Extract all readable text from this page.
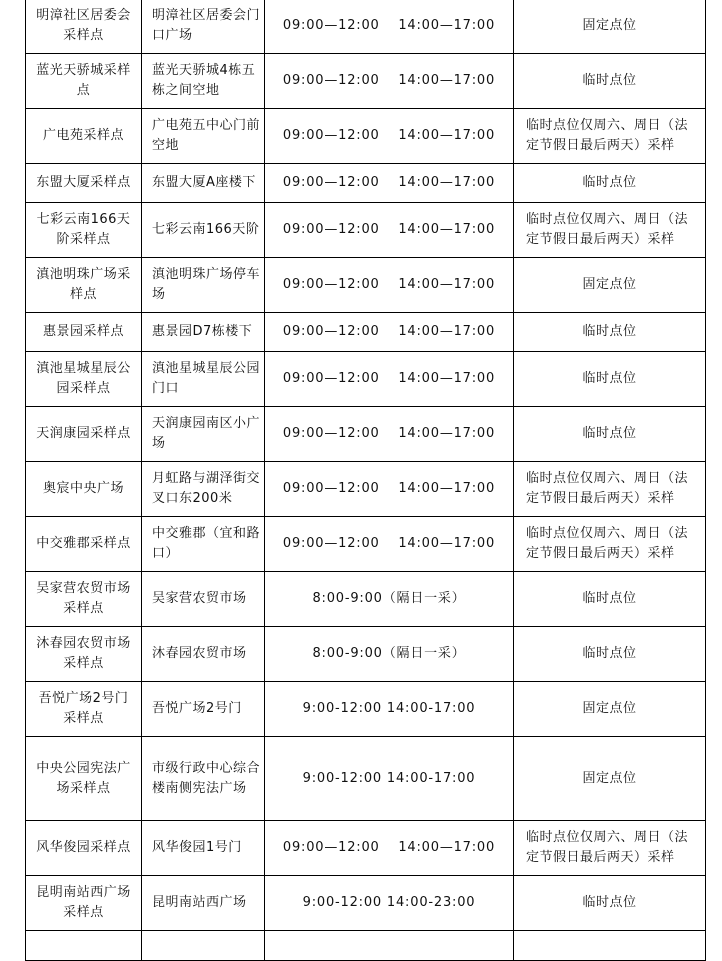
明漳社区居委会采样点	明漳社区居委会门口广场	09:00—12:00　 14:00—17:00	固定点位
蓝光天骄城采样点	蓝光天骄城4栋五栋之间空地	09:00—12:00　 14:00—17:00	临时点位
广电苑采样点	广电苑五中心门前空地	09:00—12:00　 14:00—17:00	临时点位仅周六、周日（法定节假日最后两天）采样
东盟大厦采样点	东盟大厦A座楼下	09:00—12:00　 14:00—17:00	临时点位
七彩云南166天阶采样点	七彩云南166天阶	09:00—12:00　 14:00—17:00	临时点位仅周六、周日（法定节假日最后两天）采样
滇池明珠广场采样点	滇池明珠广场停车场	09:00—12:00　 14:00—17:00	固定点位
惠景园采样点	惠景园D7栋楼下	09:00—12:00　 14:00—17:00	临时点位
滇池星城星辰公园采样点	滇池星城星辰公园门口	09:00—12:00　 14:00—17:00	临时点位
天润康园采样点	天润康园南区小广场	09:00—12:00　 14:00—17:00	临时点位
奥宸中央广场	月虹路与湖泽街交叉口东200米	09:00—12:00　 14:00—17:00	临时点位仅周六、周日（法定节假日最后两天）采样
中交雅郡采样点	中交雅郡（宜和路口）	09:00—12:00　 14:00—17:00	临时点位仅周六、周日（法定节假日最后两天）采样
吴家营农贸市场采样点	吴家营农贸市场	8:00-9:00（隔日一采）	临时点位
沐春园农贸市场采样点	沐春园农贸市场	8:00-9:00（隔日一采）	临时点位
吾悦广场2号门采样点	吾悦广场2号门	9:00-12:00 14:00-17:00	固定点位
中央公园宪法广场采样点	市级行政中心综合楼南侧宪法广场	9:00-12:00 14:00-17:00	固定点位
风华俊园采样点	风华俊园1号门	09:00—12:00　 14:00—17:00	临时点位仅周六、周日（法定节假日最后两天）采样
昆明南站西广场采样点	昆明南站西广场	9:00-12:00 14:00-23:00	临时点位
